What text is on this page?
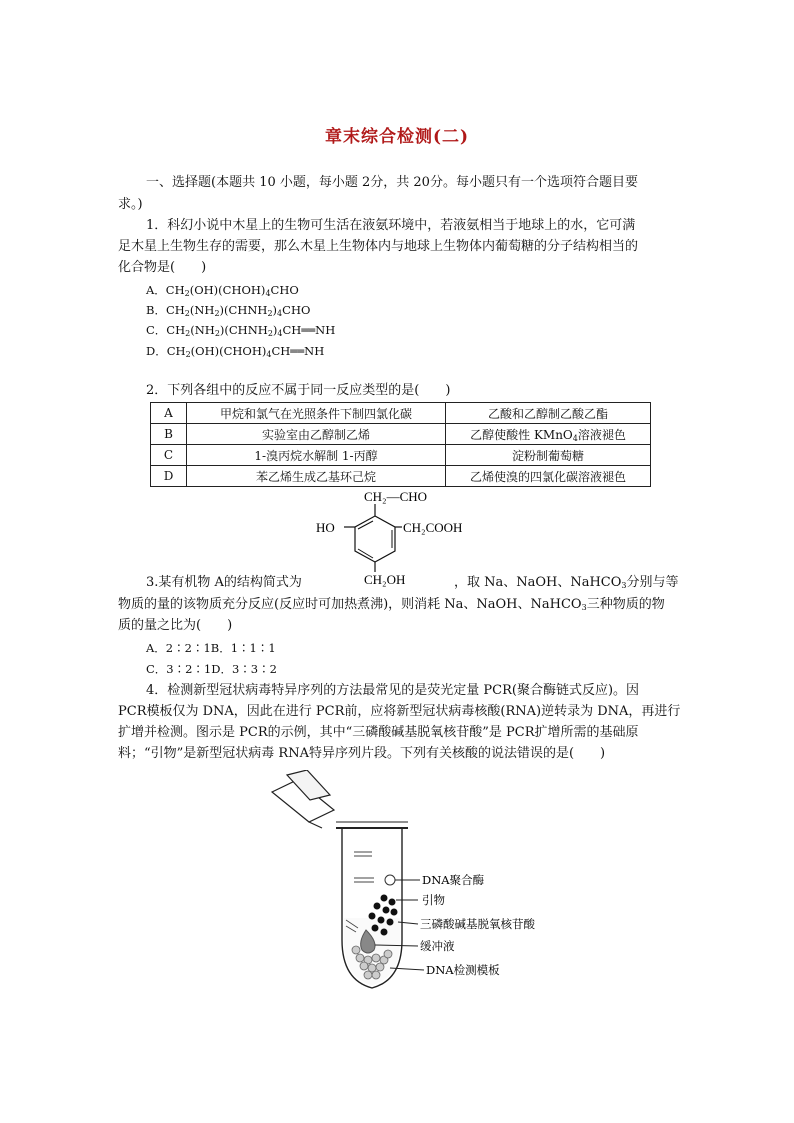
章末综合检测(二)
一、选择题(本题共 10 小题，每小题 2分，共 20分。每小题只有一个选项符合题目要
求。)
1．科幻小说中木星上的生物可生活在液氨环境中，若液氨相当于地球上的水，它可满
足木星上生物生存的需要，那么木星上生物体内与地球上生物体内葡萄糖的分子结构相当的
化合物是(　　)
A．$CH_2(OH)(CHOH)_4CHO$
B．$CH_2(NH_2)(CHNH_2)_4CHO$
C．$CH_2(NH_2)(CHNH_2)_4CH══NH$
D．$CH_2(OH)(CHOH)_4CH══NH$
2．下列各组中的反应不属于同一反应类型的是(　　)
A	甲烷和氯气在光照条件下制四氯化碳	乙酸和乙醇制乙酸乙酯
B	实验室由乙醇制乙烯	乙醇使酸性 KMnO$_4$溶液褪色
C	1-溴丙烷水解制 1-丙醇	淀粉制葡萄糖
D	苯乙烯生成乙基环己烷	乙烯使溴的四氯化碳溶液褪色
CH₂—CHO
HO	CH₂COOH
CH₂OH
3.某有机物 A的结构简式为	，取 Na、NaOH、NaHCO$_3$分别与等
物质的量的该物质充分反应(反应时可加热煮沸)，则消耗 Na、NaOH、NaHCO$_3$三种物质的物
质的量之比为(　　)
A．2∶2∶1B．1∶1∶1
C．3∶2∶1D．3∶3∶2
4．检测新型冠状病毒特异序列的方法最常见的是荧光定量 PCR(聚合酶链式反应)。因
PCR模板仅为 DNA，因此在进行 PCR前，应将新型冠状病毒核酸(RNA)逆转录为 DNA，再进行
扩增并检测。图示是 PCR的示例，其中“三磷酸碱基脱氧核苷酸”是 PCR扩增所需的基础原
料；“引物”是新型冠状病毒 RNA特异序列片段。下列有关核酸的说法错误的是(　　)
DNA聚合酶
引物
三磷酸碱基脱氧核苷酸
缓冲液
DNA检测模板
